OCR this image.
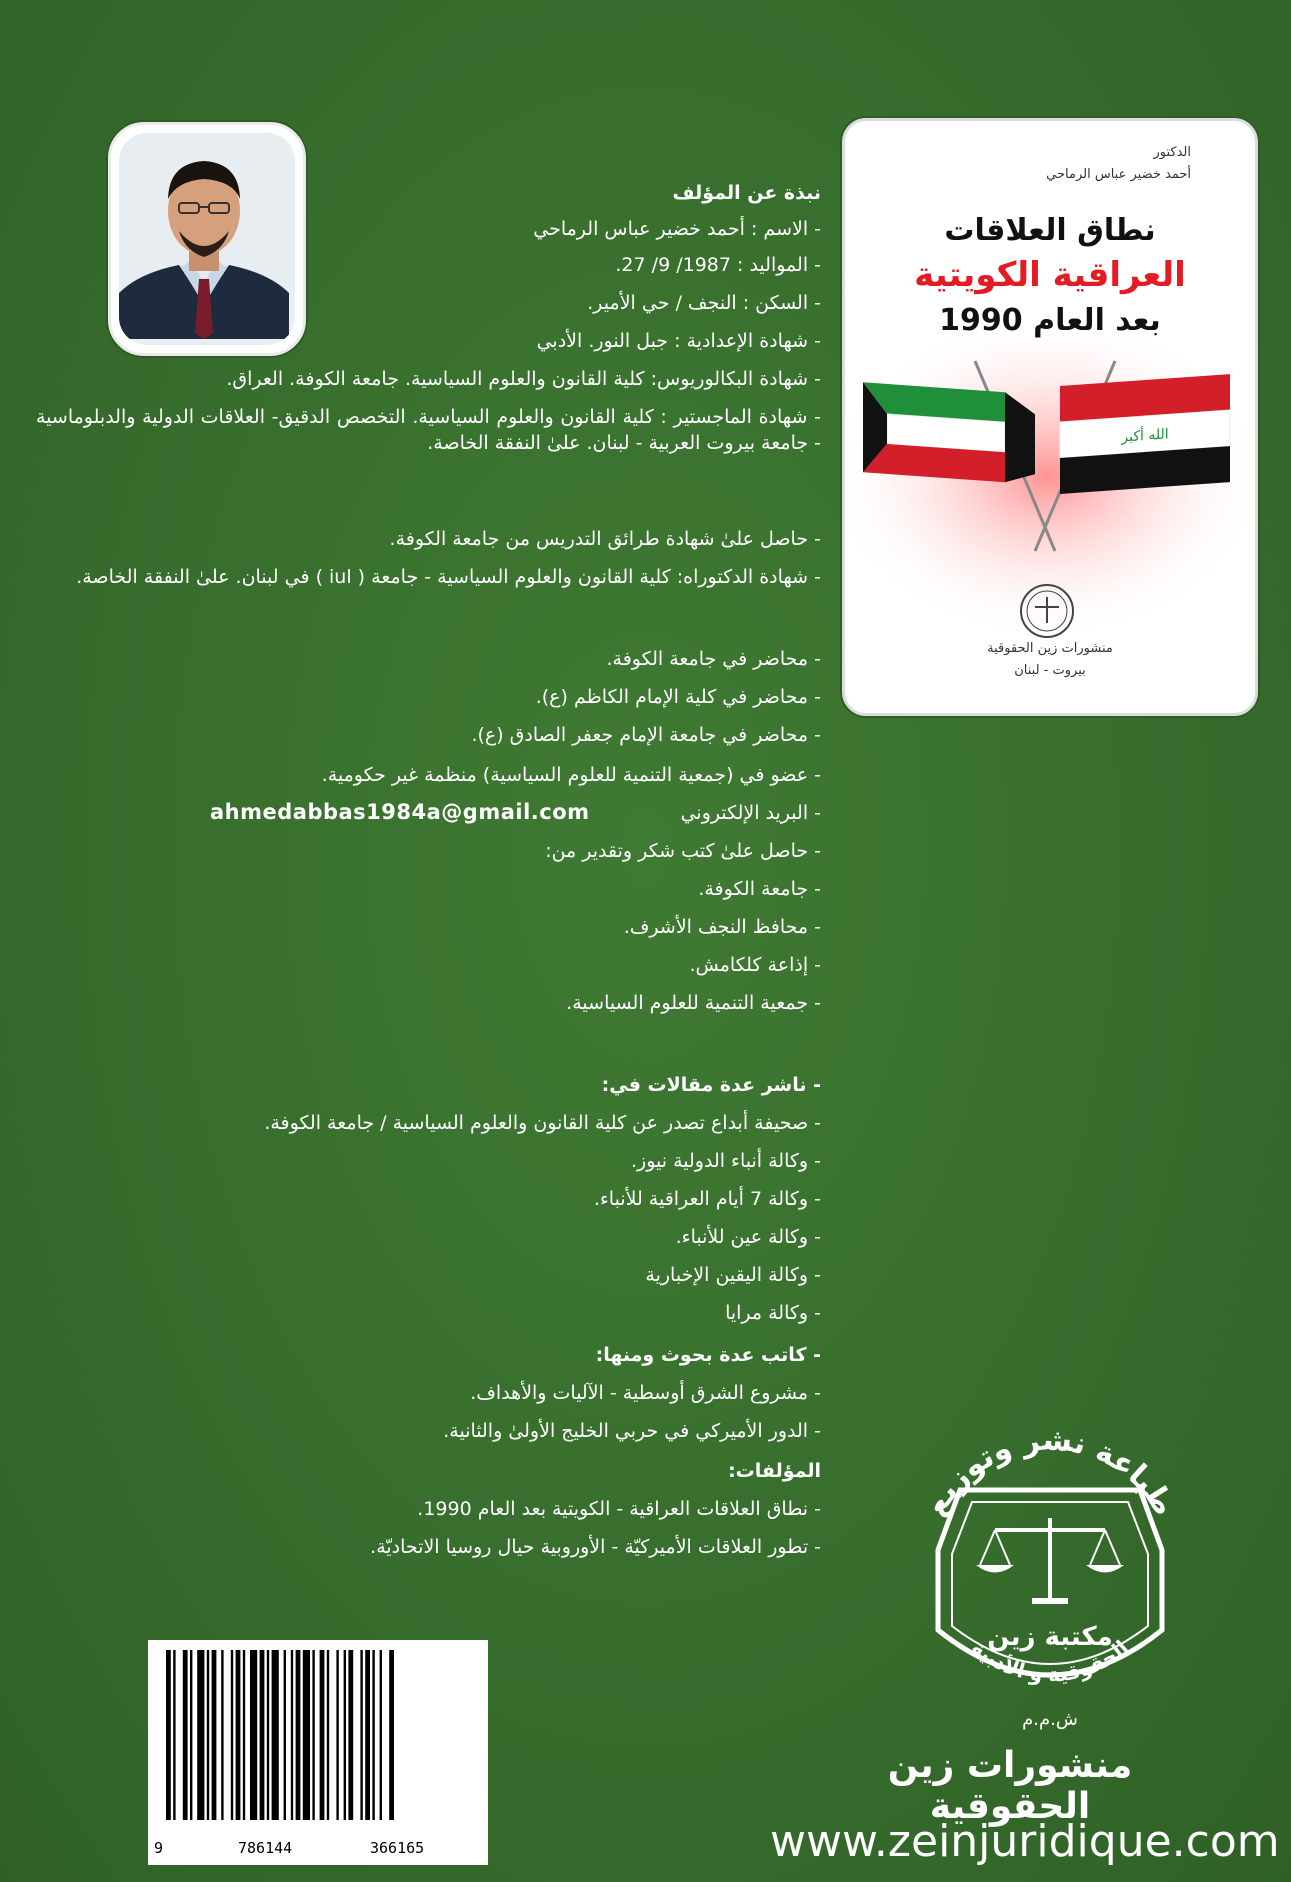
الدكتور
أحمد خضير عباس الرماحي
نطاق العلاقات
العراقية الكويتية
بعد العام 1990
الله أكبر
منشورات زين الحقوقية
بيروت - لبنان
نبذة عن المؤلف
- الاسم : أحمد خضير عباس الرماحي
- المواليد : 1987/ 9/ 27.
- السكن : النجف / حي الأمير.
- شهادة الإعدادية : جبل النور. الأدبي
- شهادة البكالوريوس: كلية القانون والعلوم السياسية. جامعة الكوفة. العراق.
- شهادة الماجستير : كلية القانون والعلوم السياسية. التخصص الدقيق- العلاقات الدولية والدبلوماسية - جامعة بيروت العربية - لبنان. علىٰ النفقة الخاصة.
- حاصل علىٰ شهادة طرائق التدريس من جامعة الكوفة.
- شهادة الدكتوراه: كلية القانون والعلوم السياسية - جامعة ( iul ) في لبنان. علىٰ النفقة الخاصة.
- محاضر في جامعة الكوفة.
- محاضر في كلية الإمام الكاظم (ع).
- محاضر في جامعة الإمام جعفر الصادق (ع).
- عضو في (جمعية التنمية للعلوم السياسية) منظمة غير حكومية.
- البريد الإلكتروني
ahmedabbas1984a@gmail.com
- حاصل علىٰ كتب شكر وتقدير من:
- جامعة الكوفة.
- محافظ النجف الأشرف.
- إذاعة كلكامش.
- جمعية التنمية للعلوم السياسية.
- ناشر عدة مقالات في:
- صحيفة أبداع تصدر عن كلية القانون والعلوم السياسية / جامعة الكوفة.
- وكالة أنباء الدولية نيوز.
- وكالة 7 أيام العراقية للأنباء.
- وكالة عين للأنباء.
- وكالة اليقين الإخبارية
- وكالة مرايا
- كاتب عدة بحوث ومنها:
- مشروع الشرق أوسطية - الآليات والأهداف.
- الدور الأميركي في حربي الخليج الأولىٰ والثانية.
المؤلفات:
- نطاق العلاقات العراقية - الكويتية بعد العام 1990.
- تطور العلاقات الأميركيّة - الأوروبية حيال روسيا الاتحاديّة.
طباعة نشر وتوزيع
مكتبة زين
الحقوقية و الأدبية
ش.م.م
منشورات زين الحقوقية
www.zeinjuridique.com
9	786144	366165
